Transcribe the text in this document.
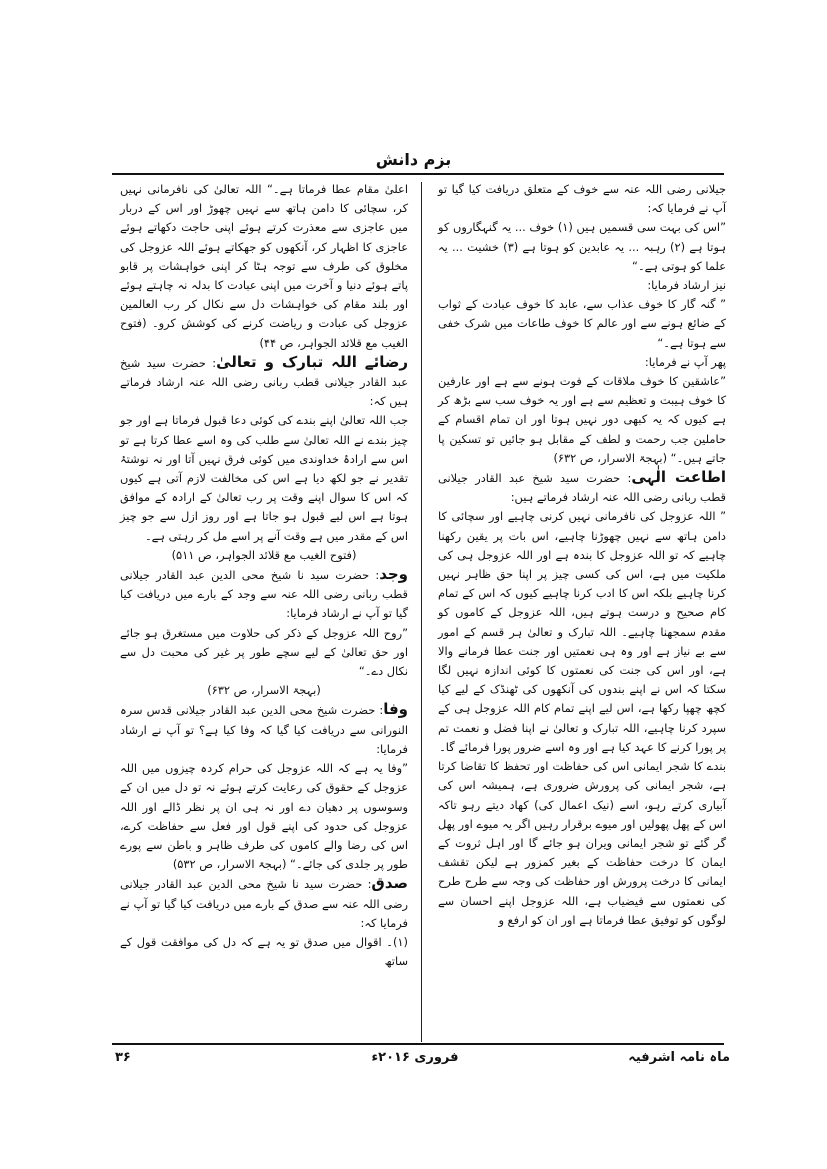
بزم دانش

جیلانی رضی اللہ عنہ سے خوف کے متعلق دریافت کیا گیا تو آپ نے فرمایا کہ:

”اس کی بہت سی قسمیں ہیں (۱) خوف ... یہ گنہگاروں کو ہوتا ہے (۲) رہبہ ... یہ عابدین کو ہوتا ہے (۳) خشیت ... یہ علما کو ہوتی ہے۔“

نیز ارشاد فرمایا:

” گنہ گار کا خوف عذاب سے، عابد کا خوف عبادت کے ثواب کے ضائع ہونے سے اور عالم کا خوف طاعات میں شرک خفی سے ہوتا ہے۔“

پھر آپ نے فرمایا:

”عاشقین کا خوف ملاقات کے فوت ہونے سے ہے اور عارفین کا خوف ہیبت و تعظیم سے ہے اور یہ خوف سب سے بڑھ کر ہے کیوں کہ یہ کبھی دور نہیں ہوتا اور ان تمام اقسام کے حاملین جب رحمت و لطف کے مقابل ہو جائیں تو تسکین پا جاتے ہیں۔“ (بہجۃ الاسرار، ص ۶۳۲)

اطاعت الٰہی: حضرت سید شیخ عبد القادر جیلانی قطب ربانی رضی اللہ عنہ ارشاد فرماتے ہیں:

” اللہ عزوجل کی نافرمانی نہیں کرنی چاہیے اور سچائی کا دامن ہاتھ سے نہیں چھوڑنا چاہیے، اس بات پر یقین رکھنا چاہیے کہ تو اللہ عزوجل کا بندہ ہے اور اللہ عزوجل ہی کی ملکیت میں ہے، اس کی کسی چیز پر اپنا حق ظاہر نہیں کرنا چاہیے بلکہ اس کا ادب کرنا چاہیے کیوں کہ اس کے تمام کام صحیح و درست ہوتے ہیں، اللہ عزوجل کے کاموں کو مقدم سمجھنا چاہیے۔ اللہ تبارک و تعالیٰ ہر قسم کے امور سے بے نیاز ہے اور وہ ہی نعمتیں اور جنت عطا فرمانے والا ہے، اور اس کی جنت کی نعمتوں کا کوئی اندازہ نہیں لگا سکتا کہ اس نے اپنے بندوں کی آنکھوں کی ٹھنڈک کے لیے کیا کچھ چھپا رکھا ہے، اس لیے اپنے تمام کام اللہ عزوجل ہی کے سپرد کرنا چاہیے، اللہ تبارک و تعالیٰ نے اپنا فضل و نعمت تم پر پورا کرنے کا عہد کیا ہے اور وہ اسے ضرور پورا فرمائے گا۔

بندے کا شجر ایمانی اس کی حفاظت اور تحفظ کا تقاضا کرتا ہے، شجر ایمانی کی پرورش ضروری ہے، ہمیشہ اس کی آبیاری کرتے رہو، اسے (نیک اعمال کی) کھاد دیتے رہو تاکہ اس کے پھل پھولیں اور میوے برقرار رہیں اگر یہ میوے اور پھل گر گئے تو شجر ایمانی ویران ہو جائے گا اور اہل ثروت کے ایمان کا درخت حفاظت کے بغیر کمزور ہے لیکن تقشف ایمانی کا درخت پرورش اور حفاظت کی وجہ سے طرح طرح کی نعمتوں سے فیضیاب ہے، اللہ عزوجل اپنے احسان سے لوگوں کو توفیق عطا فرماتا ہے اور ان کو ارفع و

اعلیٰ مقام عطا فرماتا ہے۔“ اللہ تعالیٰ کی نافرمانی نہیں کر، سچائی کا دامن ہاتھ سے نہیں چھوڑ اور اس کے دربار میں عاجزی سے معذرت کرتے ہوئے اپنی حاجت دکھاتے ہوئے عاجزی کا اظہار کر، آنکھوں کو جھکاتے ہوئے اللہ عزوجل کی مخلوق کی طرف سے توجہ ہٹا کر اپنی خواہشات پر قابو پاتے ہوئے دنیا و آخرت میں اپنی عبادت کا بدلہ نہ چاہتے ہوئے اور بلند مقام کی خواہشات دل سے نکال کر رب العالمین عزوجل کی عبادت و ریاضت کرنے کی کوشش کرو۔ (فتوح الغیب مع قلائد الجواہر، ص ۴۴)

رضائے اللہ تبارک و تعالیٰ: حضرت سید شیخ عبد القادر جیلانی قطب ربانی رضی اللہ عنہ ارشاد فرماتے ہیں کہ:

جب اللہ تعالیٰ اپنے بندے کی کوئی دعا قبول فرماتا ہے اور جو چیز بندے نے اللہ تعالیٰ سے طلب کی وہ اسے عطا کرتا ہے تو اس سے ارادۂ خداوندی میں کوئی فرق نہیں آتا اور نہ نوشتۂ تقدیر نے جو لکھ دیا ہے اس کی مخالفت لازم آتی ہے کیوں کہ اس کا سوال اپنے وقت پر رب تعالیٰ کے ارادہ کے موافق ہوتا ہے اس لیے قبول ہو جاتا ہے اور روز ازل سے جو چیز اس کے مقدر میں ہے وقت آنے پر اسے مل کر رہتی ہے۔

(فتوح الغیب مع قلائد الجواہر، ص ۵۱۱)

وجد: حضرت سید نا شیخ محی الدین عبد القادر جیلانی قطب ربانی رضی اللہ عنہ سے وجد کے بارے میں دریافت کیا گیا تو آپ نے ارشاد فرمایا:

”روح اللہ عزوجل کے ذکر کی حلاوت میں مستغرق ہو جائے اور حق تعالیٰ کے لیے سچے طور پر غیر کی محبت دل سے نکال دے۔“

(بہجۃ الاسرار، ص ۶۳۲)

وفا: حضرت شیخ محی الدین عبد القادر جیلانی قدس سرہ النورانی سے دریافت کیا گیا کہ وفا کیا ہے؟ تو آپ نے ارشاد فرمایا:

”وفا یہ ہے کہ اللہ عزوجل کی حرام کردہ چیزوں میں اللہ عزوجل کے حقوق کی رعایت کرتے ہوئے نہ تو دل میں ان کے وسوسوں پر دھیان دے اور نہ ہی ان پر نظر ڈالے اور اللہ عزوجل کی حدود کی اپنے قول اور فعل سے حفاظت کرے، اس کی رضا والے کاموں کی طرف ظاہر و باطن سے پورے طور پر جلدی کی جائے۔“ (بہجۃ الاسرار، ص ۵۳۲)

صدق: حضرت سید نا شیخ محی الدین عبد القادر جیلانی رضی اللہ عنہ سے صدق کے بارے میں دریافت کیا گیا تو آپ نے فرمایا کہ:

(۱)۔ اقوال میں صدق تو یہ ہے کہ دل کی موافقت قول کے ساتھ

ماہ نامہ اشرفیہ
فروری ۲۰۱۶ء
۳۶
